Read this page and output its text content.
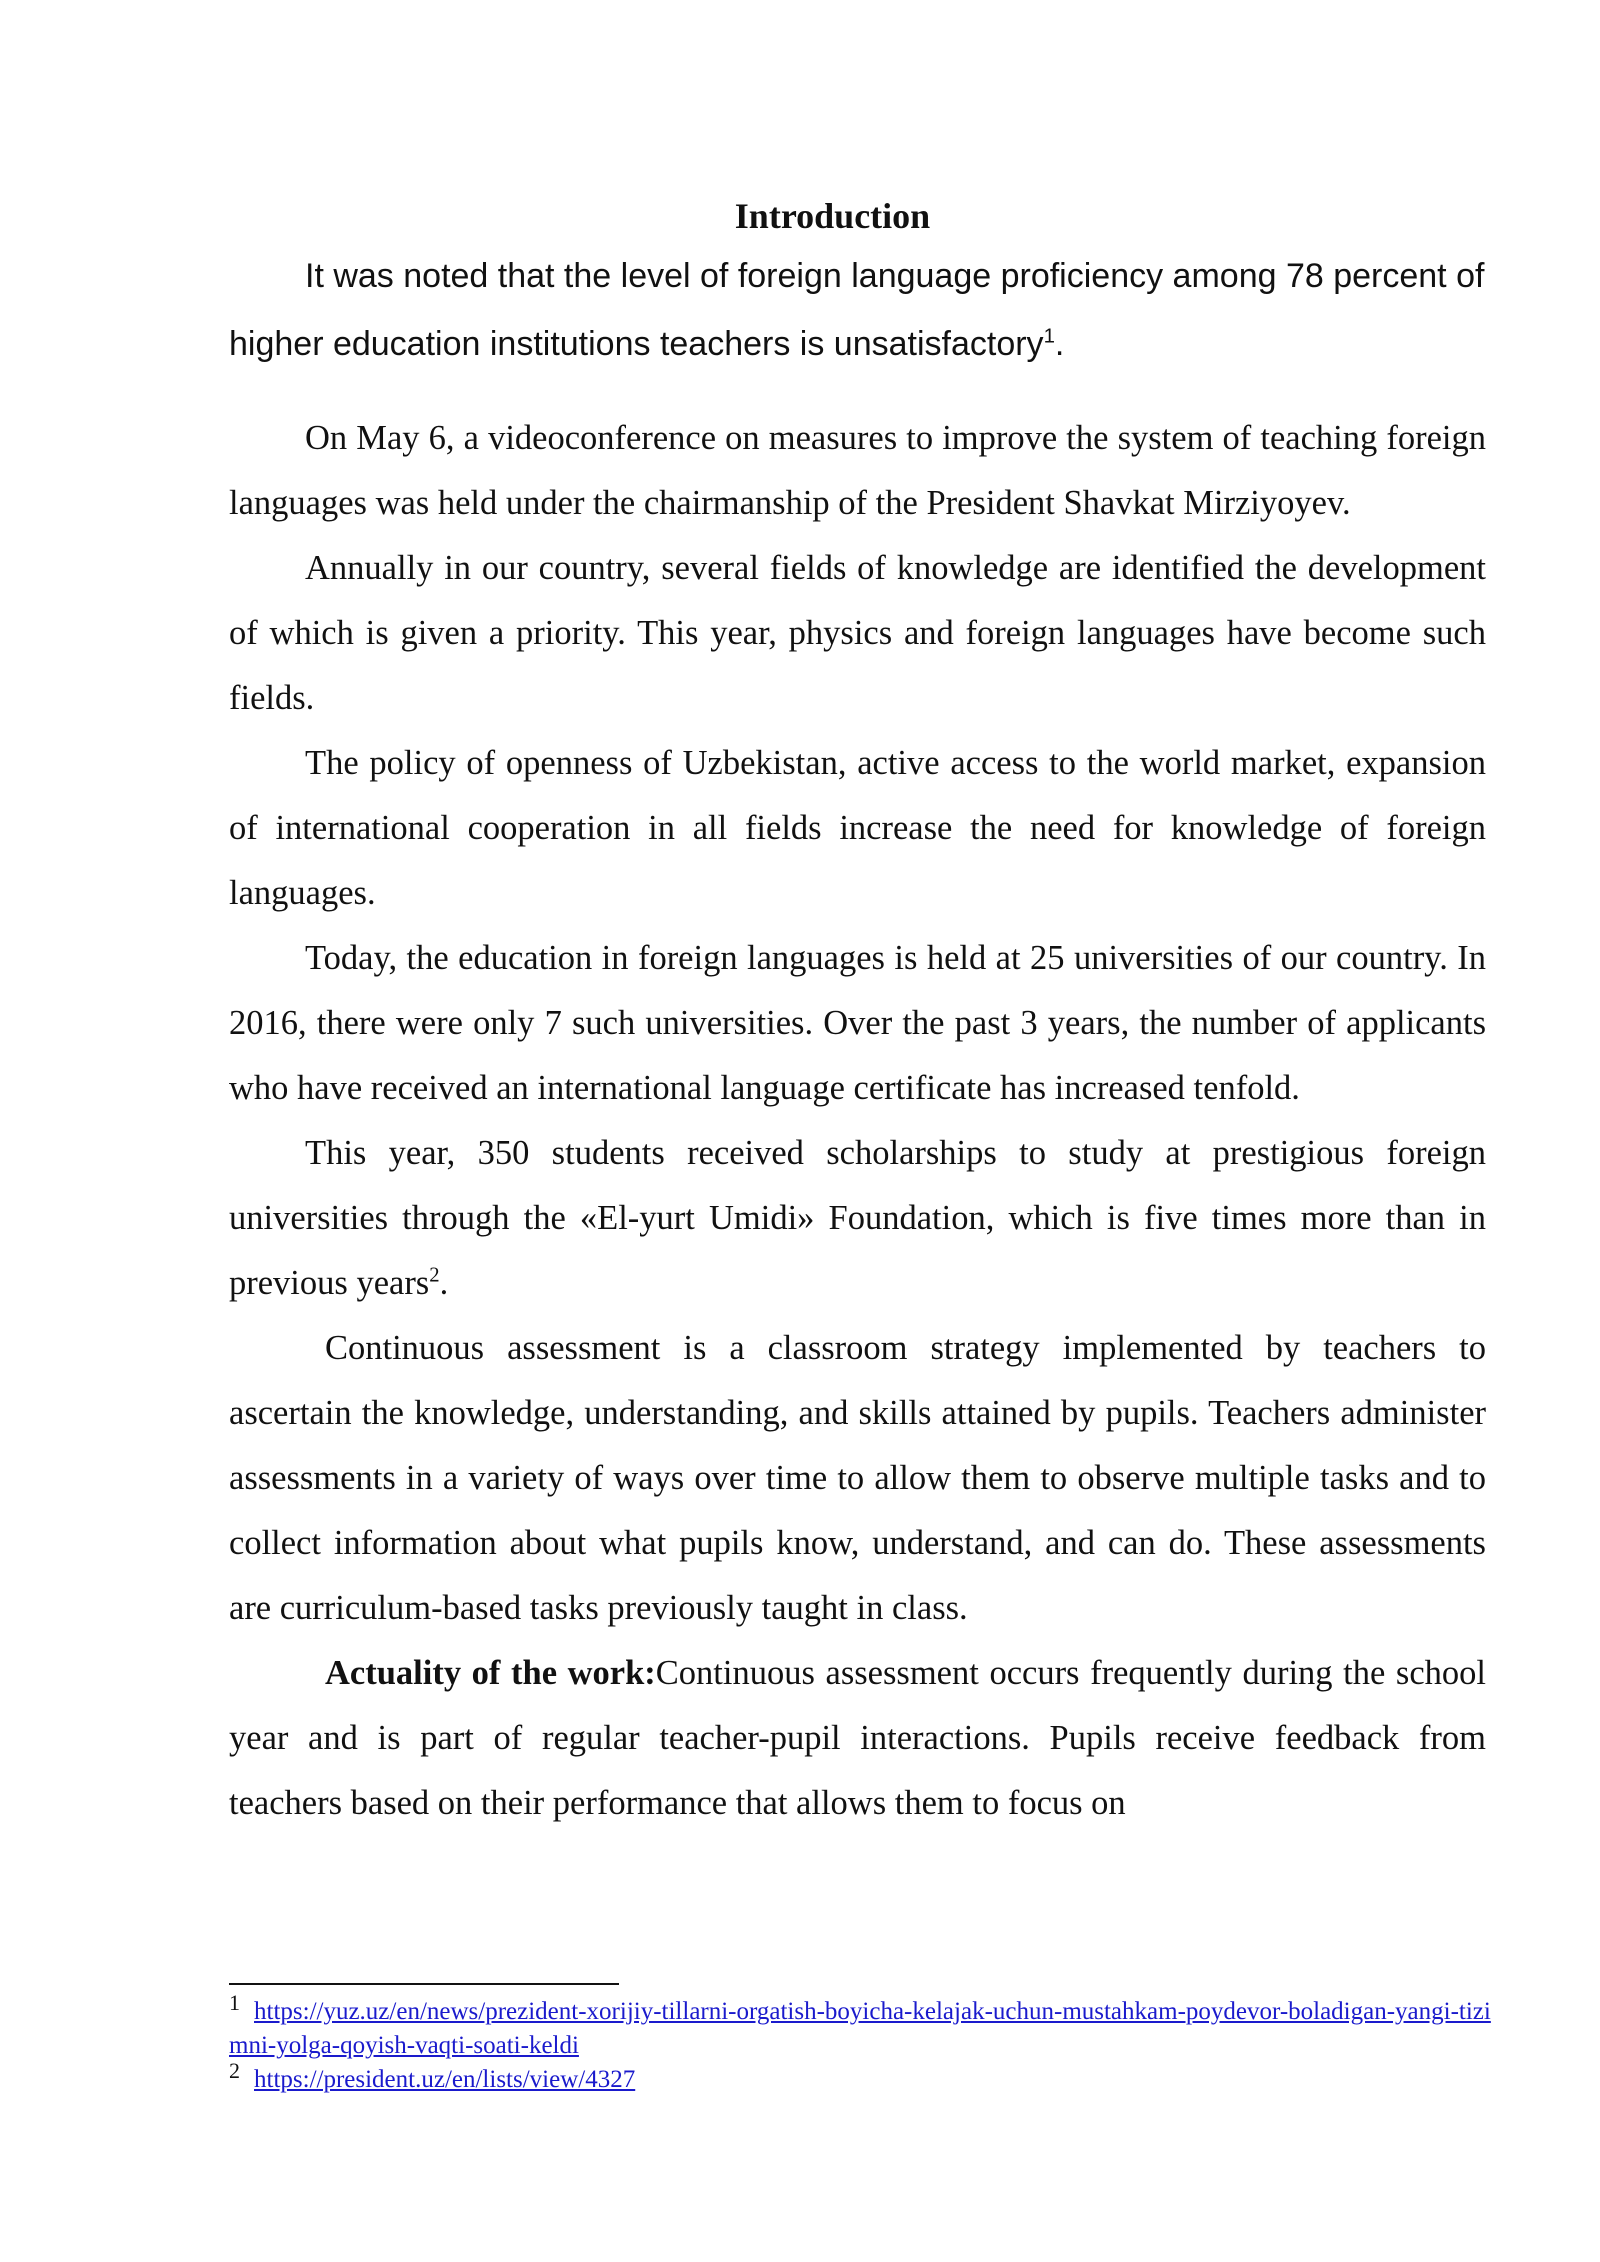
Introduction

It was noted that the level of foreign language proficiency among 78 percent of higher education institutions teachers is unsatisfactory$^1$.

On May 6, a videoconference on measures to improve the system of teaching foreign languages was held under the chairmanship of the President Shavkat Mirziyoyev.

Annually in our country, several fields of knowledge are identified the development of which is given a priority. This year, physics and foreign languages have become such fields.

The policy of openness of Uzbekistan, active access to the world market, expansion of international cooperation in all fields increase the need for knowledge of foreign languages.

Today, the education in foreign languages is held at 25 universities of our country. In 2016, there were only 7 such universities. Over the past 3 years, the number of applicants who have received an international language certificate has increased tenfold.

This year, 350 students received scholarships to study at prestigious foreign universities through the «El-yurt Umidi» Foundation, which is five times more than in previous years$^2$.

Continuous assessment is a classroom strategy implemented by teachers to ascertain the knowledge, understanding, and skills attained by pupils. Teachers administer assessments in a variety of ways over time to allow them to observe multiple tasks and to collect information about what pupils know, understand, and can do. These assessments are curriculum-based tasks previously taught in class.

Actuality of the work:Continuous assessment occurs frequently during the school year and is part of regular teacher-pupil interactions. Pupils receive feedback from teachers based on their performance that allows them to focus on

1 https://yuz.uz/en/news/prezident-xorijiy-tillarni-orgatish-boyicha-kelajak-uchun-mustahkam-poydevor-boladigan-yangi-tizimni-yolga-qoyish-vaqti-soati-keldi

2 https://president.uz/en/lists/view/4327
